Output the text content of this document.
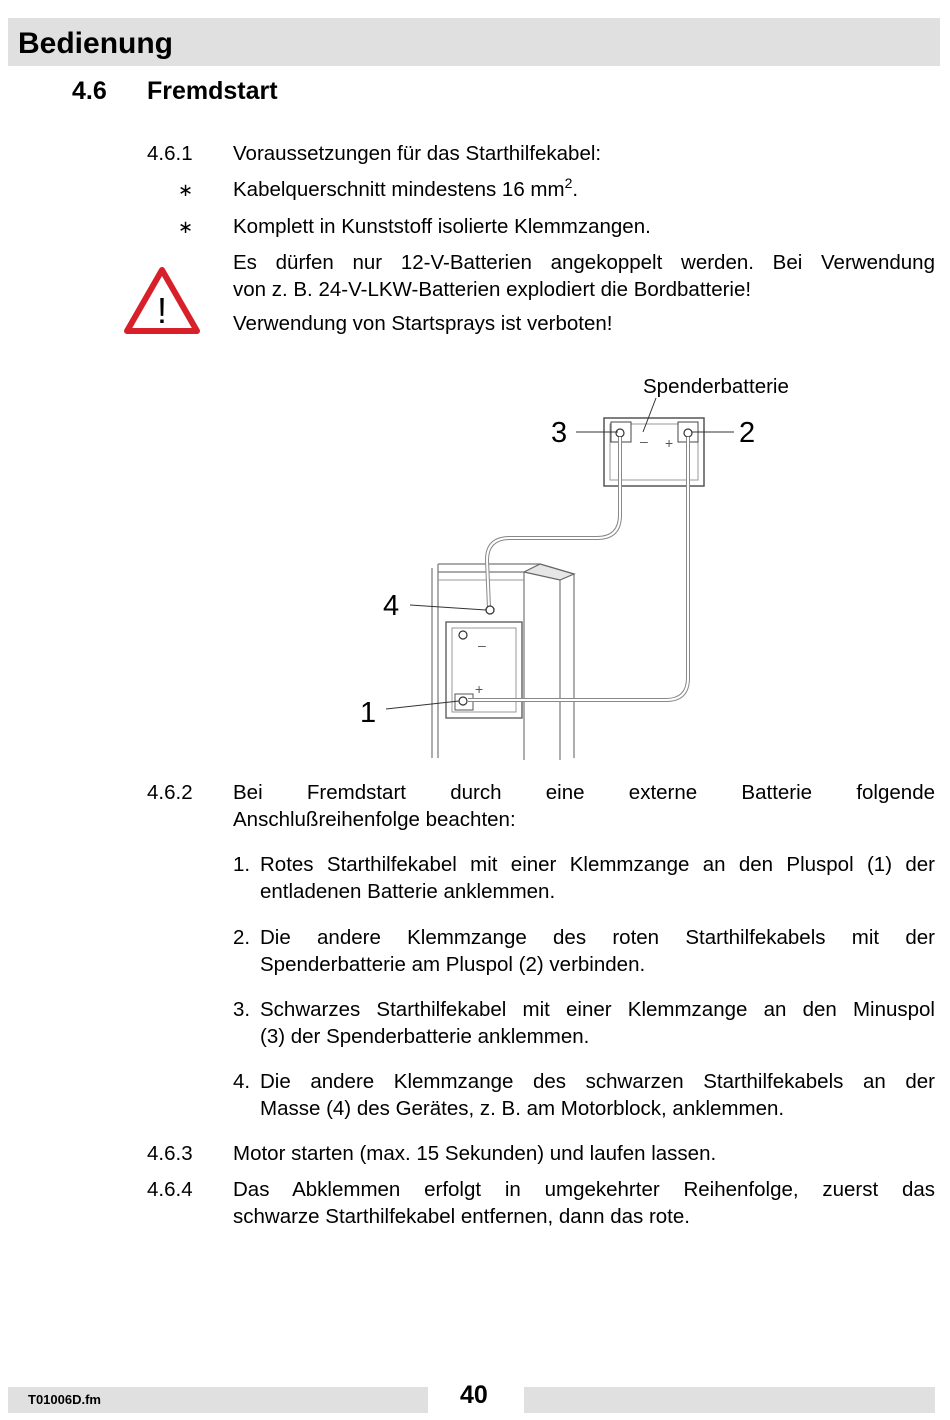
Bedienung
4.6 Fremdstart
4.6.1 Voraussetzungen für das Starthilfekabel:
∗ Kabelquerschnitt mindestens 16 $mm^2$.
∗ Komplett in Kunststoff isolierte Klemmzangen.
!
Es dürfen nur 12-V-Batterien angekoppelt werden. Bei Verwendung
von z. B. 24-V-LKW-Batterien explodiert die Bordbatterie!
Verwendung von Startsprays ist verboten!
– +
–
+
Spenderbatterie
3	2
4
1
4.6.2 Bei Fremdstart durch eine externe Batterie folgende
Anschlußreihenfolge beachten:
1. Rotes Starthilfekabel mit einer Klemmzange an den Pluspol (1) der
entladenen Batterie anklemmen.
2. Die andere Klemmzange des roten Starthilfekabels mit der
Spenderbatterie am Pluspol (2) verbinden.
3. Schwarzes Starthilfekabel mit einer Klemmzange an den Minuspol
(3) der Spenderbatterie anklemmen.
4. Die andere Klemmzange des schwarzen Starthilfekabels an der
Masse (4) des Gerätes, z. B. am Motorblock, anklemmen.
4.6.3 Motor starten (max. 15 Sekunden) und laufen lassen.
4.6.4 Das Abklemmen erfolgt in umgekehrter Reihenfolge, zuerst das
schwarze Starthilfekabel entfernen, dann das rote.
T01006D.fm	40
